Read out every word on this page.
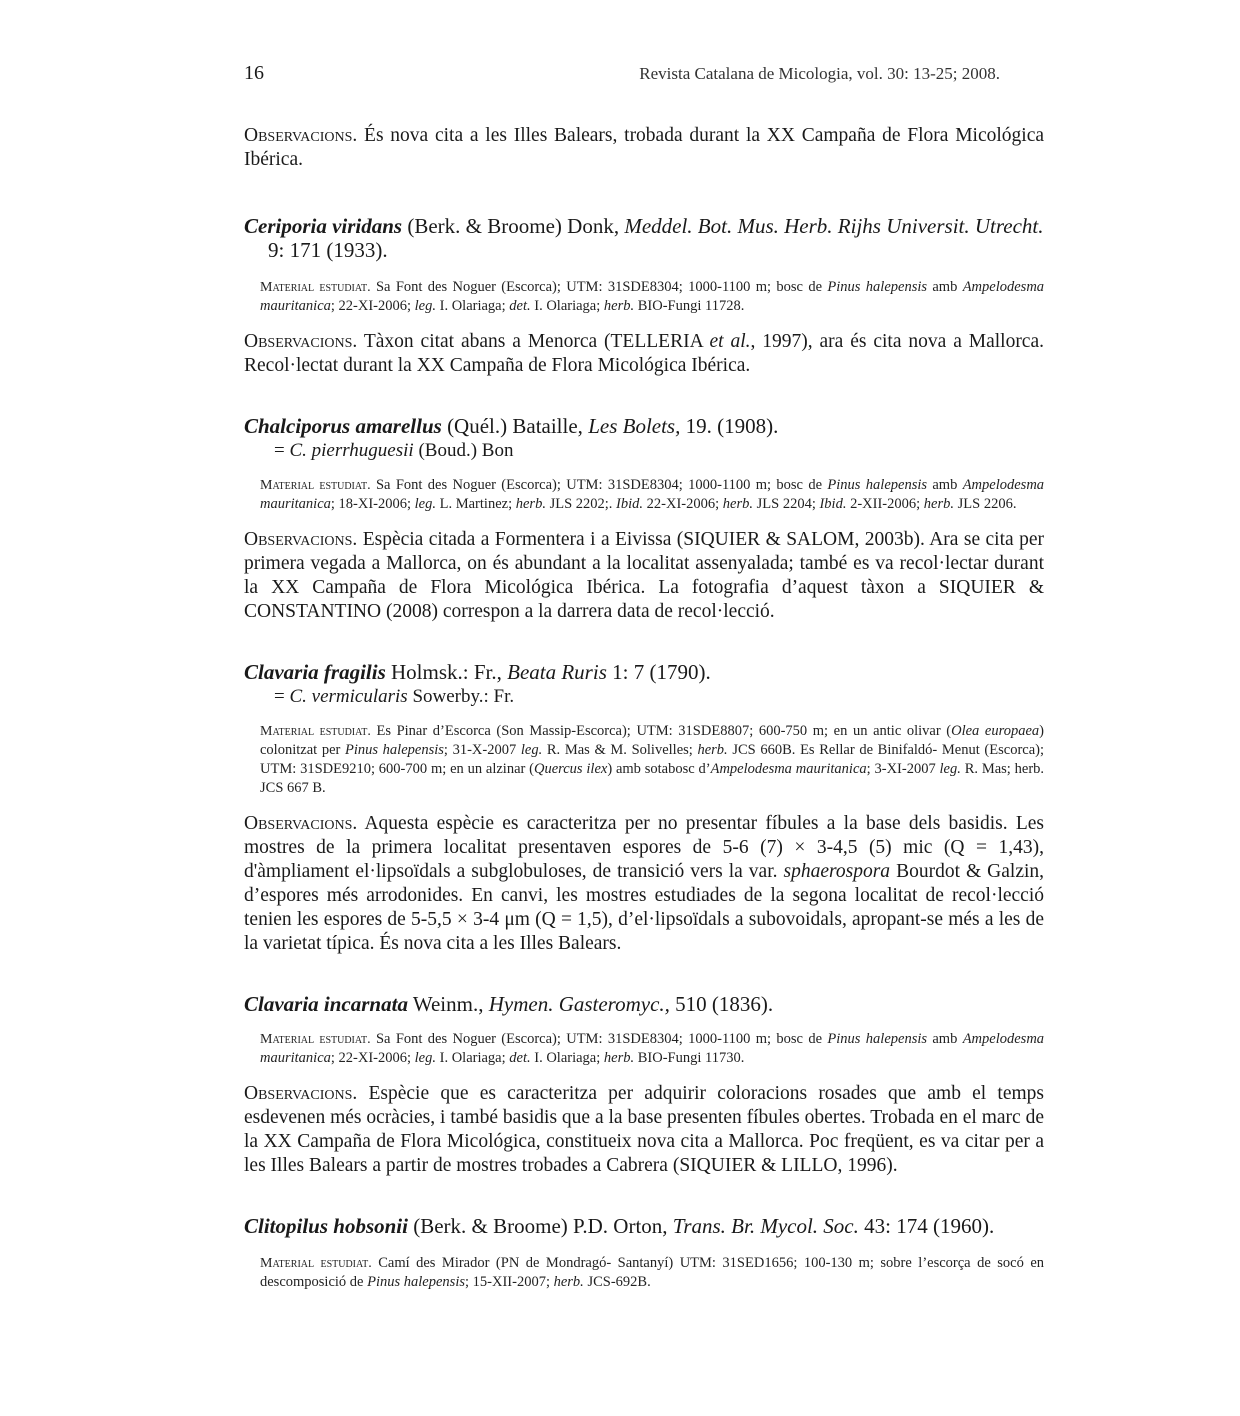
16	Revista Catalana de Micologia, vol. 30: 13-25; 2008.

Observacions. És nova cita a les Illes Balears, trobada durant la XX Campaña de Flora Micológica Ibérica.

Ceriporia viridans (Berk. & Broome) Donk, Meddel. Bot. Mus. Herb. Rijhs Universit. Utrecht. 9: 171 (1933).

Material estudiat. Sa Font des Noguer (Escorca); UTM: 31SDE8304; 1000-1100 m; bosc de Pinus halepensis amb Ampelodesma mauritanica; 22-XI-2006; leg. I. Olariaga; det. I. Olariaga; herb. BIO-Fungi 11728.

Observacions. Tàxon citat abans a Menorca (TELLERIA et al., 1997), ara és cita nova a Mallorca. Recol·lectat durant la XX Campaña de Flora Micológica Ibérica.

Chalciporus amarellus (Quél.) Bataille, Les Bolets, 19. (1908).

= C. pierrhuguesii (Boud.) Bon

Material estudiat. Sa Font des Noguer (Escorca); UTM: 31SDE8304; 1000-1100 m; bosc de Pinus halepensis amb Ampelodesma mauritanica; 18-XI-2006; leg. L. Martinez; herb. JLS 2202;. Ibid. 22-XI-2006; herb. JLS 2204; Ibid. 2-XII-2006; herb. JLS 2206.

Observacions. Espècia citada a Formentera i a Eivissa (SIQUIER & SALOM, 2003b). Ara se cita per primera vegada a Mallorca, on és abundant a la localitat assenyalada; també es va recol·lectar durant la XX Campaña de Flora Micológica Ibérica. La fotografia d’aquest tàxon a SIQUIER & CONSTANTINO (2008) correspon a la darrera data de recol·lecció.

Clavaria fragilis Holmsk.: Fr., Beata Ruris 1: 7 (1790).

= C. vermicularis Sowerby.: Fr.

Material estudiat. Es Pinar d’Escorca (Son Massip-Escorca); UTM: 31SDE8807; 600-750 m; en un antic olivar (Olea europaea) colonitzat per Pinus halepensis; 31-X-2007 leg. R. Mas & M. Solivelles; herb. JCS 660B. Es Rellar de Binifaldó- Menut (Escorca); UTM: 31SDE9210; 600-700 m; en un alzinar (Quercus ilex) amb sotabosc d’Ampelodesma mauritanica; 3-XI-2007 leg. R. Mas; herb. JCS 667 B.

Observacions. Aquesta espècie es caracteritza per no presentar fíbules a la base dels basidis. Les mostres de la primera localitat presentaven espores de 5-6 (7) × 3-4,5 (5) mic (Q = 1,43), d'àmpliament el·lipsoïdals a subglobuloses, de transició vers la var. sphaerospora Bourdot & Galzin, d’espores més arrodonides. En canvi, les mostres estudiades de la segona localitat de recol·lecció tenien les espores de 5-5,5 × 3-4 μm (Q = 1,5), d’el·lipsoïdals a subovoidals, apropant-se més a les de la varietat típica. És nova cita a les Illes Balears.

Clavaria incarnata Weinm., Hymen. Gasteromyc., 510 (1836).

Material estudiat. Sa Font des Noguer (Escorca); UTM: 31SDE8304; 1000-1100 m; bosc de Pinus halepensis amb Ampelodesma mauritanica; 22-XI-2006; leg. I. Olariaga; det. I. Olariaga; herb. BIO-Fungi 11730.

Observacions. Espècie que es caracteritza per adquirir coloracions rosades que amb el temps esdevenen més ocràcies, i també basidis que a la base presenten fíbules obertes. Trobada en el marc de la XX Campaña de Flora Micológica, constitueix nova cita a Mallorca. Poc freqüent, es va citar per a les Illes Balears a partir de mostres trobades a Cabrera (SIQUIER & LILLO, 1996).

Clitopilus hobsonii (Berk. & Broome) P.D. Orton, Trans. Br. Mycol. Soc. 43: 174 (1960).

Material estudiat. Camí des Mirador (PN de Mondragó- Santanyí) UTM: 31SED1656; 100-130 m; sobre l’escorça de socó en descomposició de Pinus halepensis; 15-XII-2007; herb. JCS-692B.
